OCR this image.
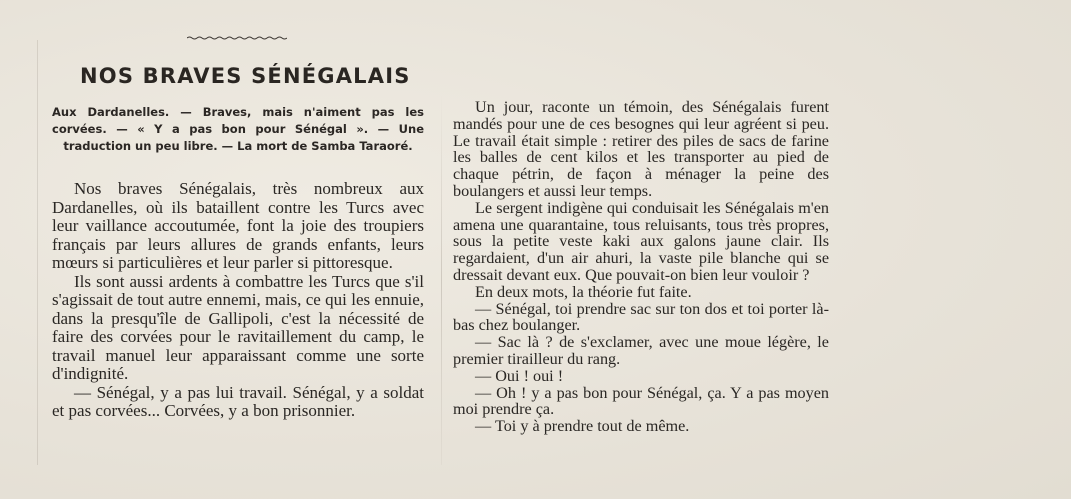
NOS BRAVES SÉNÉGALAIS
Aux Dardanelles. — Braves, mais n'aiment pas les corvées. — « Y a pas bon pour Sénégal ». — Une traduction un peu libre. — La mort de Samba Taraoré.

Nos braves Sénégalais, très nombreux aux Dardanelles, où ils bataillent contre les Turcs avec leur vaillance accoutumée, font la joie des troupiers français par leurs allures de grands enfants, leurs mœurs si particulières et leur parler si pittoresque.

Ils sont aussi ardents à combattre les Turcs que s'il s'agissait de tout autre ennemi, mais, ce qui les ennuie, dans la presqu'île de Gallipoli, c'est la nécessité de faire des corvées pour le ravitaillement du camp, le travail manuel leur apparaissant comme une sorte d'indignité.

— Sénégal, y a pas lui travail. Sénégal, y a soldat et pas corvées... Corvées, y a bon prisonnier.

Un jour, raconte un témoin, des Sénégalais furent mandés pour une de ces besognes qui leur agréent si peu. Le travail était simple : retirer des piles de sacs de farine les balles de cent kilos et les transporter au pied de chaque pétrin, de façon à ménager la peine des boulangers et aussi leur temps.

Le sergent indigène qui conduisait les Sénégalais m'en amena une quarantaine, tous reluisants, tous très propres, sous la petite veste kaki aux galons jaune clair. Ils regardaient, d'un air ahuri, la vaste pile blanche qui se dressait devant eux. Que pouvait-on bien leur vouloir ?

En deux mots, la théorie fut faite.

— Sénégal, toi prendre sac sur ton dos et toi porter là-bas chez boulanger.

— Sac là ? de s'exclamer, avec une moue légère, le premier tirailleur du rang.

— Oui ! oui !

— Oh ! y a pas bon pour Sénégal, ça. Y a pas moyen moi prendre ça.

— Toi y à prendre tout de même.
